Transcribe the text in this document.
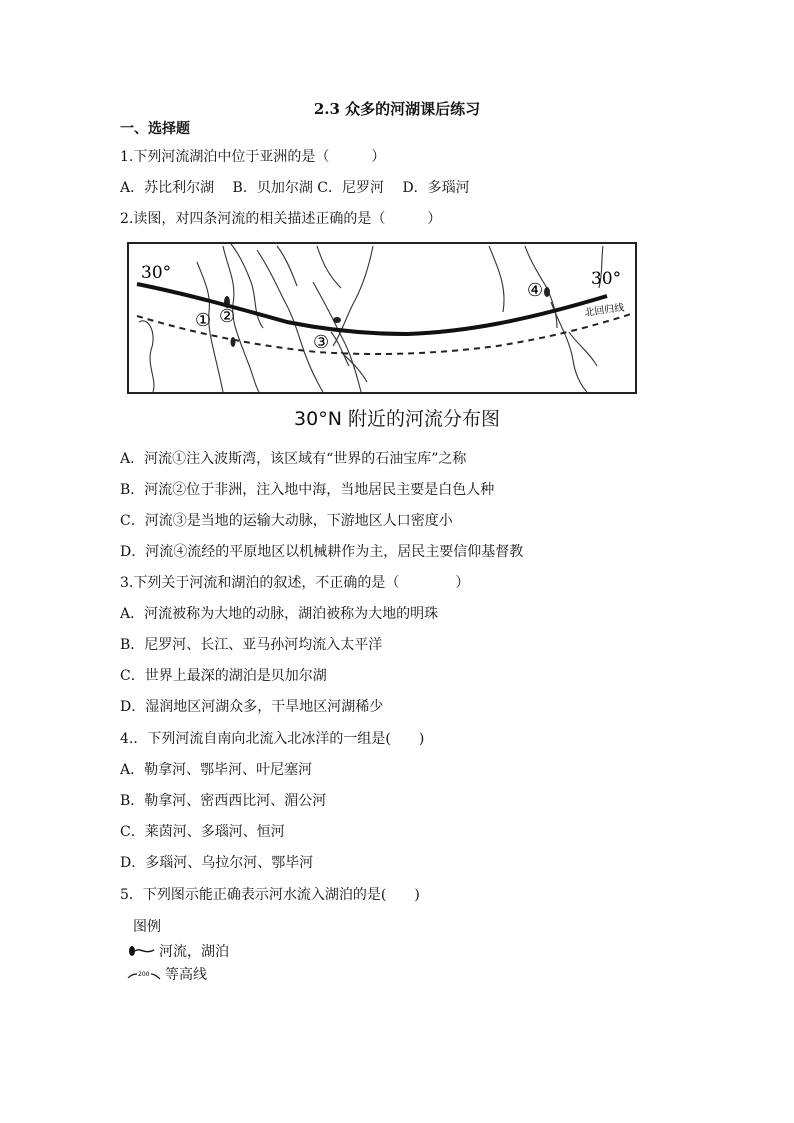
2.3 众多的河湖课后练习
一、选择题
1.下列河流湖泊中位于亚洲的是（　　　）
A．苏比利尔湖　 B．贝加尔湖 C．尼罗河　 D．多瑙河
2.读图，对四条河流的相关描述正确的是（　　　）
30°	30°
北回归线
① ②
③
④
30°N 附近的河流分布图
A．河流①注入波斯湾，该区域有“世界的石油宝库”之称
B．河流②位于非洲，注入地中海，当地居民主要是白色人种
C．河流③是当地的运输大动脉，下游地区人口密度小
D．河流④流经的平原地区以机械耕作为主，居民主要信仰基督教
3.下列关于河流和湖泊的叙述，不正确的是（　　　　）
A．河流被称为大地的动脉，湖泊被称为大地的明珠
B．尼罗河、长江、亚马孙河均流入太平洋
C．世界上最深的湖泊是贝加尔湖
D．湿润地区河湖众多，干旱地区河湖稀少
4.．下列河流自南向北流入北冰洋的一组是(　　)
A．勒拿河、鄂毕河、叶尼塞河
B．勒拿河、密西西比河、湄公河
C．莱茵河、多瑙河、恒河
D．多瑙河、乌拉尔河、鄂毕河
5．下列图示能正确表示河水流入湖泊的是(　　)
图例
河流，湖泊
200 等高线
